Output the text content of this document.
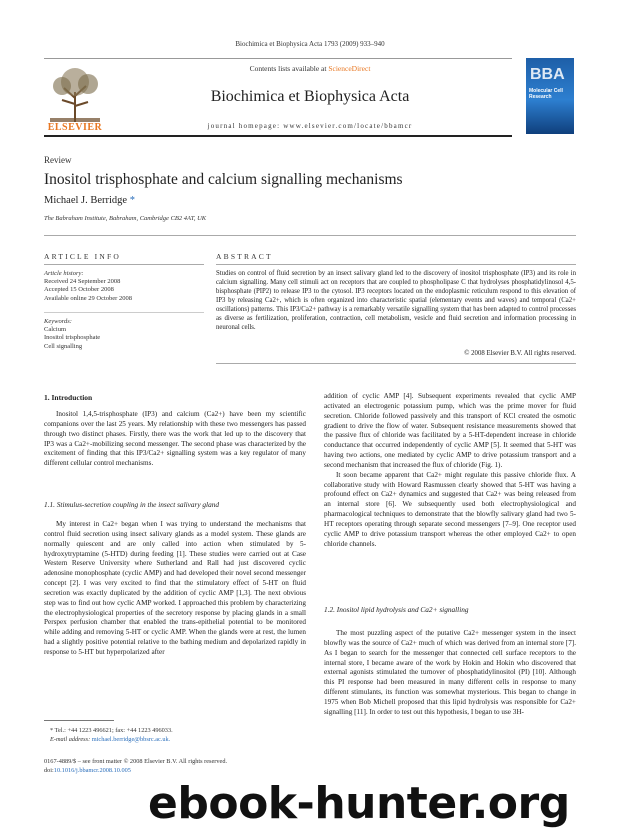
Biochimica et Biophysica Acta 1793 (2009) 933–940
ELSEVIER
Contents lists available at ScienceDirect
Biochimica et Biophysica Acta
journal homepage: www.elsevier.com/locate/bbamcr
BBA
Molecular Cell Research
Review
Inositol trisphosphate and calcium signalling mechanisms
Michael J. Berridge *
The Babraham Institute, Babraham, Cambridge CB2 4AT, UK
ARTICLE INFO	ABSTRACT
Article history:
Received 24 September 2008
Accepted 15 October 2008
Available online 29 October 2008
Keywords:
Calcium
Inositol trisphosphate
Cell signalling
Studies on control of fluid secretion by an insect salivary gland led to the discovery of inositol trisphosphate (IP3) and its role in calcium signalling. Many cell stimuli act on receptors that are coupled to phospholipase C that hydrolyses phosphatidylinosol 4,5-bisphosphate (PIP2) to release IP3 to the cytosol. IP3 receptors located on the endoplasmic reticulum respond to this elevation of IP3 by releasing Ca2+, which is often organized into characteristic spatial (elementary events and waves) and temporal (Ca2+ oscillations) patterns. This IP3/Ca2+ pathway is a remarkably versatile signalling system that has been adapted to control processes as diverse as fertilization, proliferation, contraction, cell metabolism, vesicle and fluid secretion and information processing in neuronal cells.
© 2008 Elsevier B.V. All rights reserved.
1. Introduction

Inositol 1,4,5-trisphosphate (IP3) and calcium (Ca2+) have been my scientific companions over the last 25 years. My relationship with these two messengers has passed through two distinct phases. Firstly, there was the work that led up to the discovery that IP3 was a Ca2+-mobilizing second messenger. The second phase was characterized by the excitement of finding that this IP3/Ca2+ signalling system was a key regulator of many different cellular control mechanisms.

1.1. Stimulus-secretion coupling in the insect salivary gland

My interest in Ca2+ began when I was trying to understand the mechanisms that control fluid secretion using insect salivary glands as a model system. These glands are normally quiescent and are only called into action when stimulated by 5-hydroxytryptamine (5-HTD) during feeding [1]. These studies were carried out at Case Western Reserve University where Sutherland and Rall had just discovered cyclic adenosine monophosphate (cyclic AMP) and had developed their novel second messenger concept [2]. I was very excited to find that the stimulatory effect of 5-HT on fluid secretion was exactly duplicated by the addition of cyclic AMP [1,3]. The next obvious step was to find out how cyclic AMP worked. I approached this problem by characterizing the electrophysiological properties of the secretory response by placing glands in a small Perspex perfusion chamber that enabled the trans-epithelial potential to be monitored while adding and removing 5-HT or cyclic AMP. When the glands were at rest, the lumen had a slightly positive potential relative to the bathing medium and depolarized rapidly in response to 5-HT but hyperpolarized after

addition of cyclic AMP [4]. Subsequent experiments revealed that cyclic AMP activated an electrogenic potassium pump, which was the prime mover for fluid secretion. Chloride followed passively and this transport of KCl created the osmotic gradient to drive the flow of water. Subsequent resistance measurements showed that the passive flux of chloride was facilitated by a 5-HT-dependent increase in chloride conductance that occurred independently of cyclic AMP [5]. It seemed that 5-HT was having two actions, one mediated by cyclic AMP to drive potassium transport and a second mechanism that increased the flux of chloride (Fig. 1).

It soon became apparent that Ca2+ might regulate this passive chloride flux. A collaborative study with Howard Rasmussen clearly showed that 5-HT was having a profound effect on Ca2+ dynamics and suggested that Ca2+ was being released from an internal store [6]. We subsequently used both electrophysiological and pharmacological techniques to demonstrate that the blowfly salivary gland had two 5-HT receptors operating through separate second messengers [7–9]. One receptor used cyclic AMP to drive potassium transport whereas the other employed Ca2+ to open chloride channels.

1.2. Inositol lipid hydrolysis and Ca2+ signalling

The most puzzling aspect of the putative Ca2+ messenger system in the insect blowfly was the source of Ca2+ much of which was derived from an internal store [7]. As I began to search for the messenger that connected cell surface receptors to the internal store, I became aware of the work by Hokin and Hokin who discovered that external agonists stimulated the turnover of phosphatidylinositol (PI) [10]. Although this PI response had been measured in many different cells in response to many different stimulants, its function was somewhat mysterious. This began to change in 1975 when Bob Michell proposed that this lipid hydrolysis was responsible for Ca2+ signalling [11]. In order to test out this hypothesis, I began to use 3H-

* Tel.: +44 1223 496621; fax: +44 1223 496033.
E-mail address: michael.berridge@bbsrc.ac.uk.
0167-4889/$ – see front matter © 2008 Elsevier B.V. All rights reserved.
doi:10.1016/j.bbamcr.2008.10.005
ebook-hunter.org
